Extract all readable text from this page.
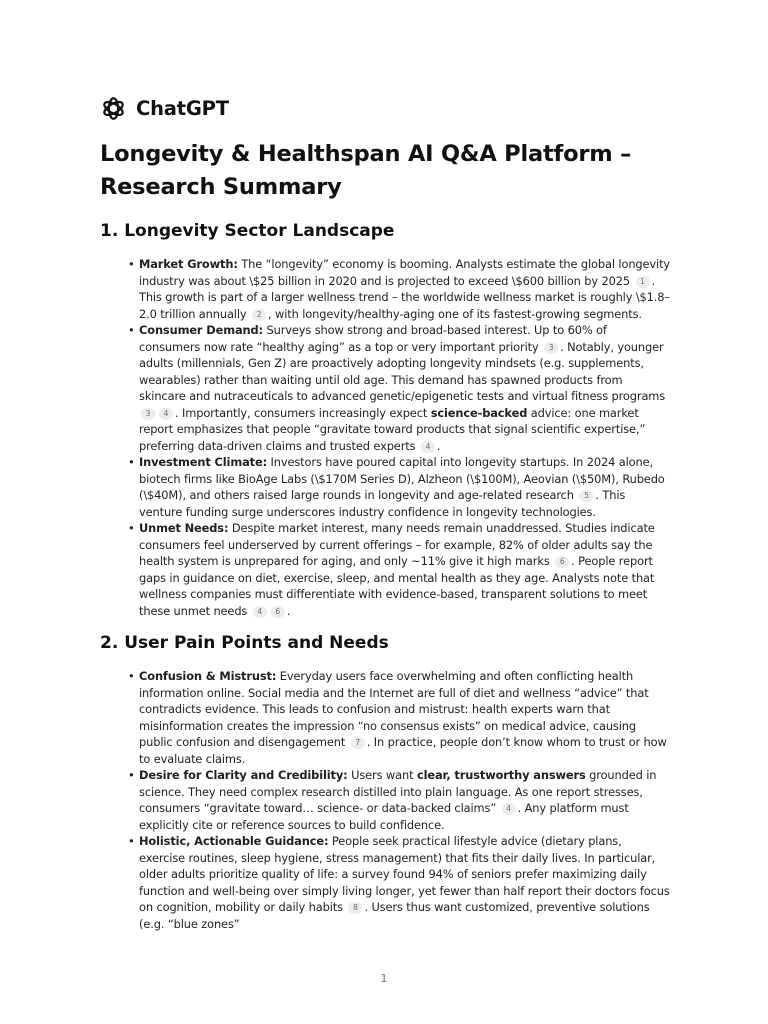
ChatGPT
Longevity & Healthspan AI Q&A Platform – Research Summary
1. Longevity Sector Landscape
• Market Growth: The “longevity” economy is booming. Analysts estimate the global longevity industry was about \$25 billion in 2020 and is projected to exceed \$600 billion by 2025 1 . This growth is part of a larger wellness trend – the worldwide wellness market is roughly \$1.8–2.0 trillion annually 2 , with longevity/healthy-aging one of its fastest-growing segments.
• Consumer Demand: Surveys show strong and broad-based interest. Up to 60% of consumers now rate “healthy aging” as a top or very important priority 3 . Notably, younger adults (millennials, Gen Z) are proactively adopting longevity mindsets (e.g. supplements, wearables) rather than waiting until old age. This demand has spawned products from skincare and nutraceuticals to advanced genetic/epigenetic tests and virtual fitness programs 3 4 . Importantly, consumers increasingly expect science-backed advice: one market report emphasizes that people “gravitate toward products that signal scientific expertise,” preferring data-driven claims and trusted experts 4 .
• Investment Climate: Investors have poured capital into longevity startups. In 2024 alone, biotech firms like BioAge Labs (\$170M Series D), Alzheon (\$100M), Aeovian (\$50M), Rubedo (\$40M), and others raised large rounds in longevity and age-related research 5 . This venture funding surge underscores industry confidence in longevity technologies.
• Unmet Needs: Despite market interest, many needs remain unaddressed. Studies indicate consumers feel underserved by current offerings – for example, 82% of older adults say the health system is unprepared for aging, and only ~11% give it high marks 6 . People report gaps in guidance on diet, exercise, sleep, and mental health as they age. Analysts note that wellness companies must differentiate with evidence-based, transparent solutions to meet these unmet needs 4 6 .
2. User Pain Points and Needs
• Confusion & Mistrust: Everyday users face overwhelming and often conflicting health information online. Social media and the Internet are full of diet and wellness “advice” that contradicts evidence. This leads to confusion and mistrust: health experts warn that misinformation creates the impression “no consensus exists” on medical advice, causing public confusion and disengagement 7 . In practice, people don’t know whom to trust or how to evaluate claims.
• Desire for Clarity and Credibility: Users want clear, trustworthy answers grounded in science. They need complex research distilled into plain language. As one report stresses, consumers “gravitate toward… science- or data-backed claims” 4 . Any platform must explicitly cite or reference sources to build confidence.
• Holistic, Actionable Guidance: People seek practical lifestyle advice (dietary plans, exercise routines, sleep hygiene, stress management) that fits their daily lives. In particular, older adults prioritize quality of life: a survey found 94% of seniors prefer maximizing daily function and well-being over simply living longer, yet fewer than half report their doctors focus on cognition, mobility or daily habits 8 . Users thus want customized, preventive solutions (e.g. “blue zones”
1
